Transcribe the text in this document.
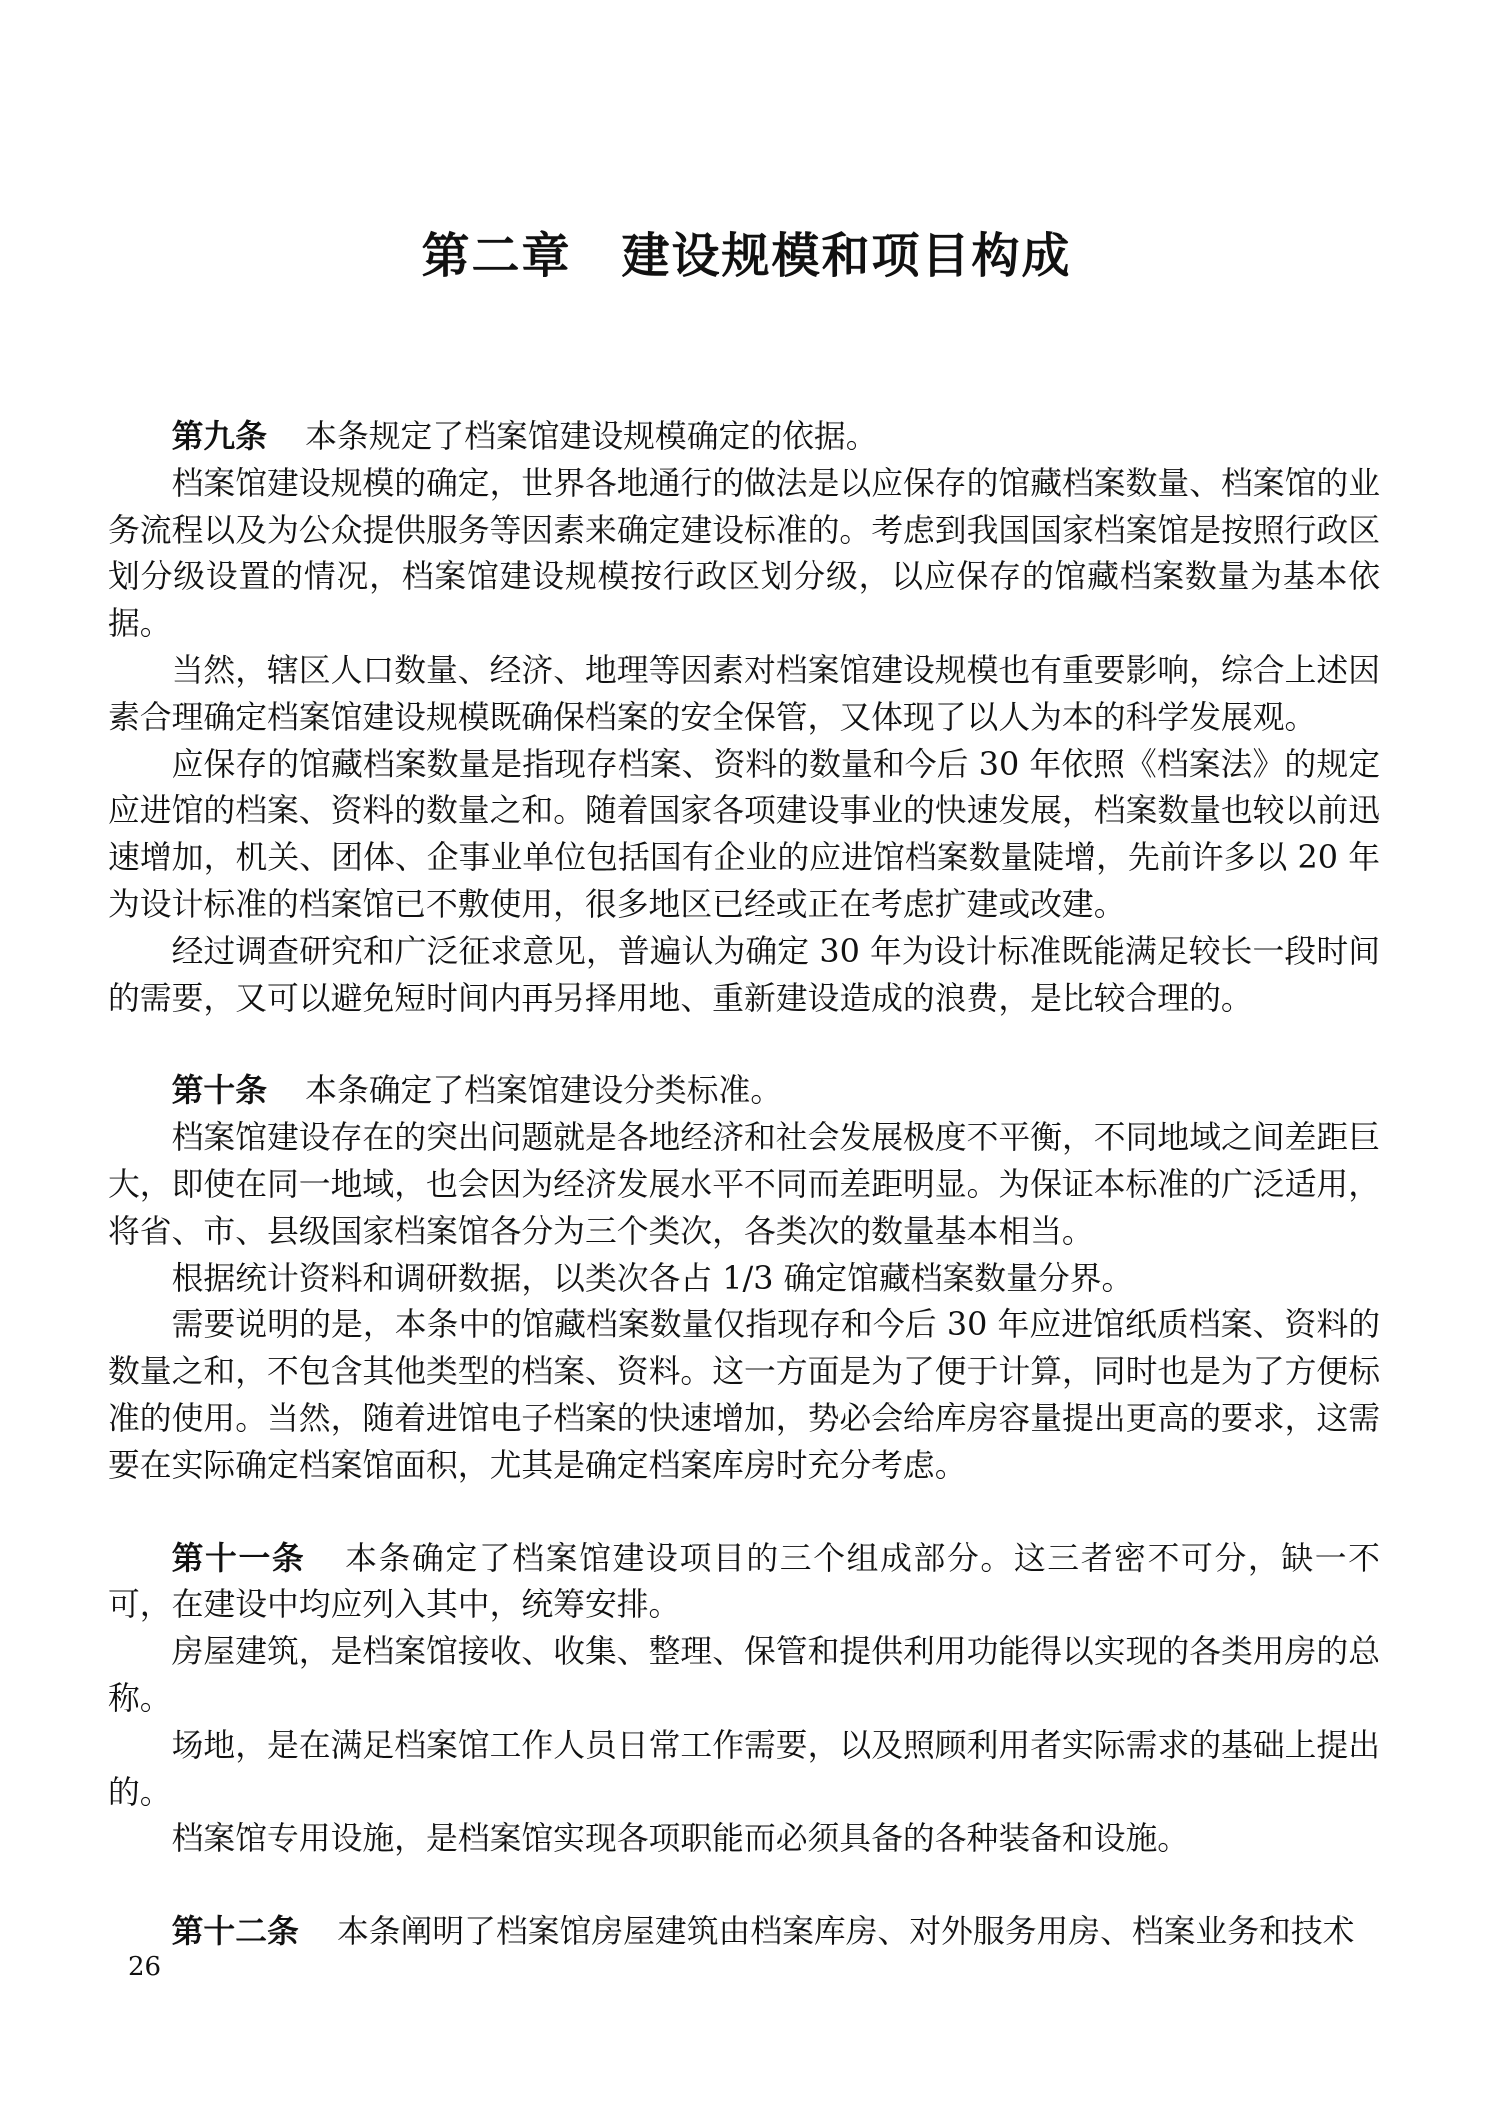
第二章　建设规模和项目构成

第九条 本条规定了档案馆建设规模确定的依据。

档案馆建设规模的确定，世界各地通行的做法是以应保存的馆藏档案数量、档案馆的业务流程以及为公众提供服务等因素来确定建设标准的。考虑到我国国家档案馆是按照行政区划分级设置的情况，档案馆建设规模按行政区划分级，以应保存的馆藏档案数量为基本依据。

当然，辖区人口数量、经济、地理等因素对档案馆建设规模也有重要影响，综合上述因素合理确定档案馆建设规模既确保档案的安全保管，又体现了以人为本的科学发展观。

应保存的馆藏档案数量是指现存档案、资料的数量和今后 30 年依照《档案法》的规定应进馆的档案、资料的数量之和。随着国家各项建设事业的快速发展，档案数量也较以前迅速增加，机关、团体、企事业单位包括国有企业的应进馆档案数量陡增，先前许多以 20 年为设计标准的档案馆已不敷使用，很多地区已经或正在考虑扩建或改建。

经过调查研究和广泛征求意见，普遍认为确定 30 年为设计标准既能满足较长一段时间的需要，又可以避免短时间内再另择用地、重新建设造成的浪费，是比较合理的。

第十条 本条确定了档案馆建设分类标准。

档案馆建设存在的突出问题就是各地经济和社会发展极度不平衡，不同地域之间差距巨大，即使在同一地域，也会因为经济发展水平不同而差距明显。为保证本标准的广泛适用，将省、市、县级国家档案馆各分为三个类次，各类次的数量基本相当。

根据统计资料和调研数据，以类次各占 1/3 确定馆藏档案数量分界。

需要说明的是，本条中的馆藏档案数量仅指现存和今后 30 年应进馆纸质档案、资料的数量之和，不包含其他类型的档案、资料。这一方面是为了便于计算，同时也是为了方便标准的使用。当然，随着进馆电子档案的快速增加，势必会给库房容量提出更高的要求，这需要在实际确定档案馆面积，尤其是确定档案库房时充分考虑。

第十一条 本条确定了档案馆建设项目的三个组成部分。这三者密不可分，缺一不可，在建设中均应列入其中，统筹安排。

房屋建筑，是档案馆接收、收集、整理、保管和提供利用功能得以实现的各类用房的总称。

场地，是在满足档案馆工作人员日常工作需要，以及照顾利用者实际需求的基础上提出的。

档案馆专用设施，是档案馆实现各项职能而必须具备的各种装备和设施。

第十二条 本条阐明了档案馆房屋建筑由档案库房、对外服务用房、档案业务和技术

26
